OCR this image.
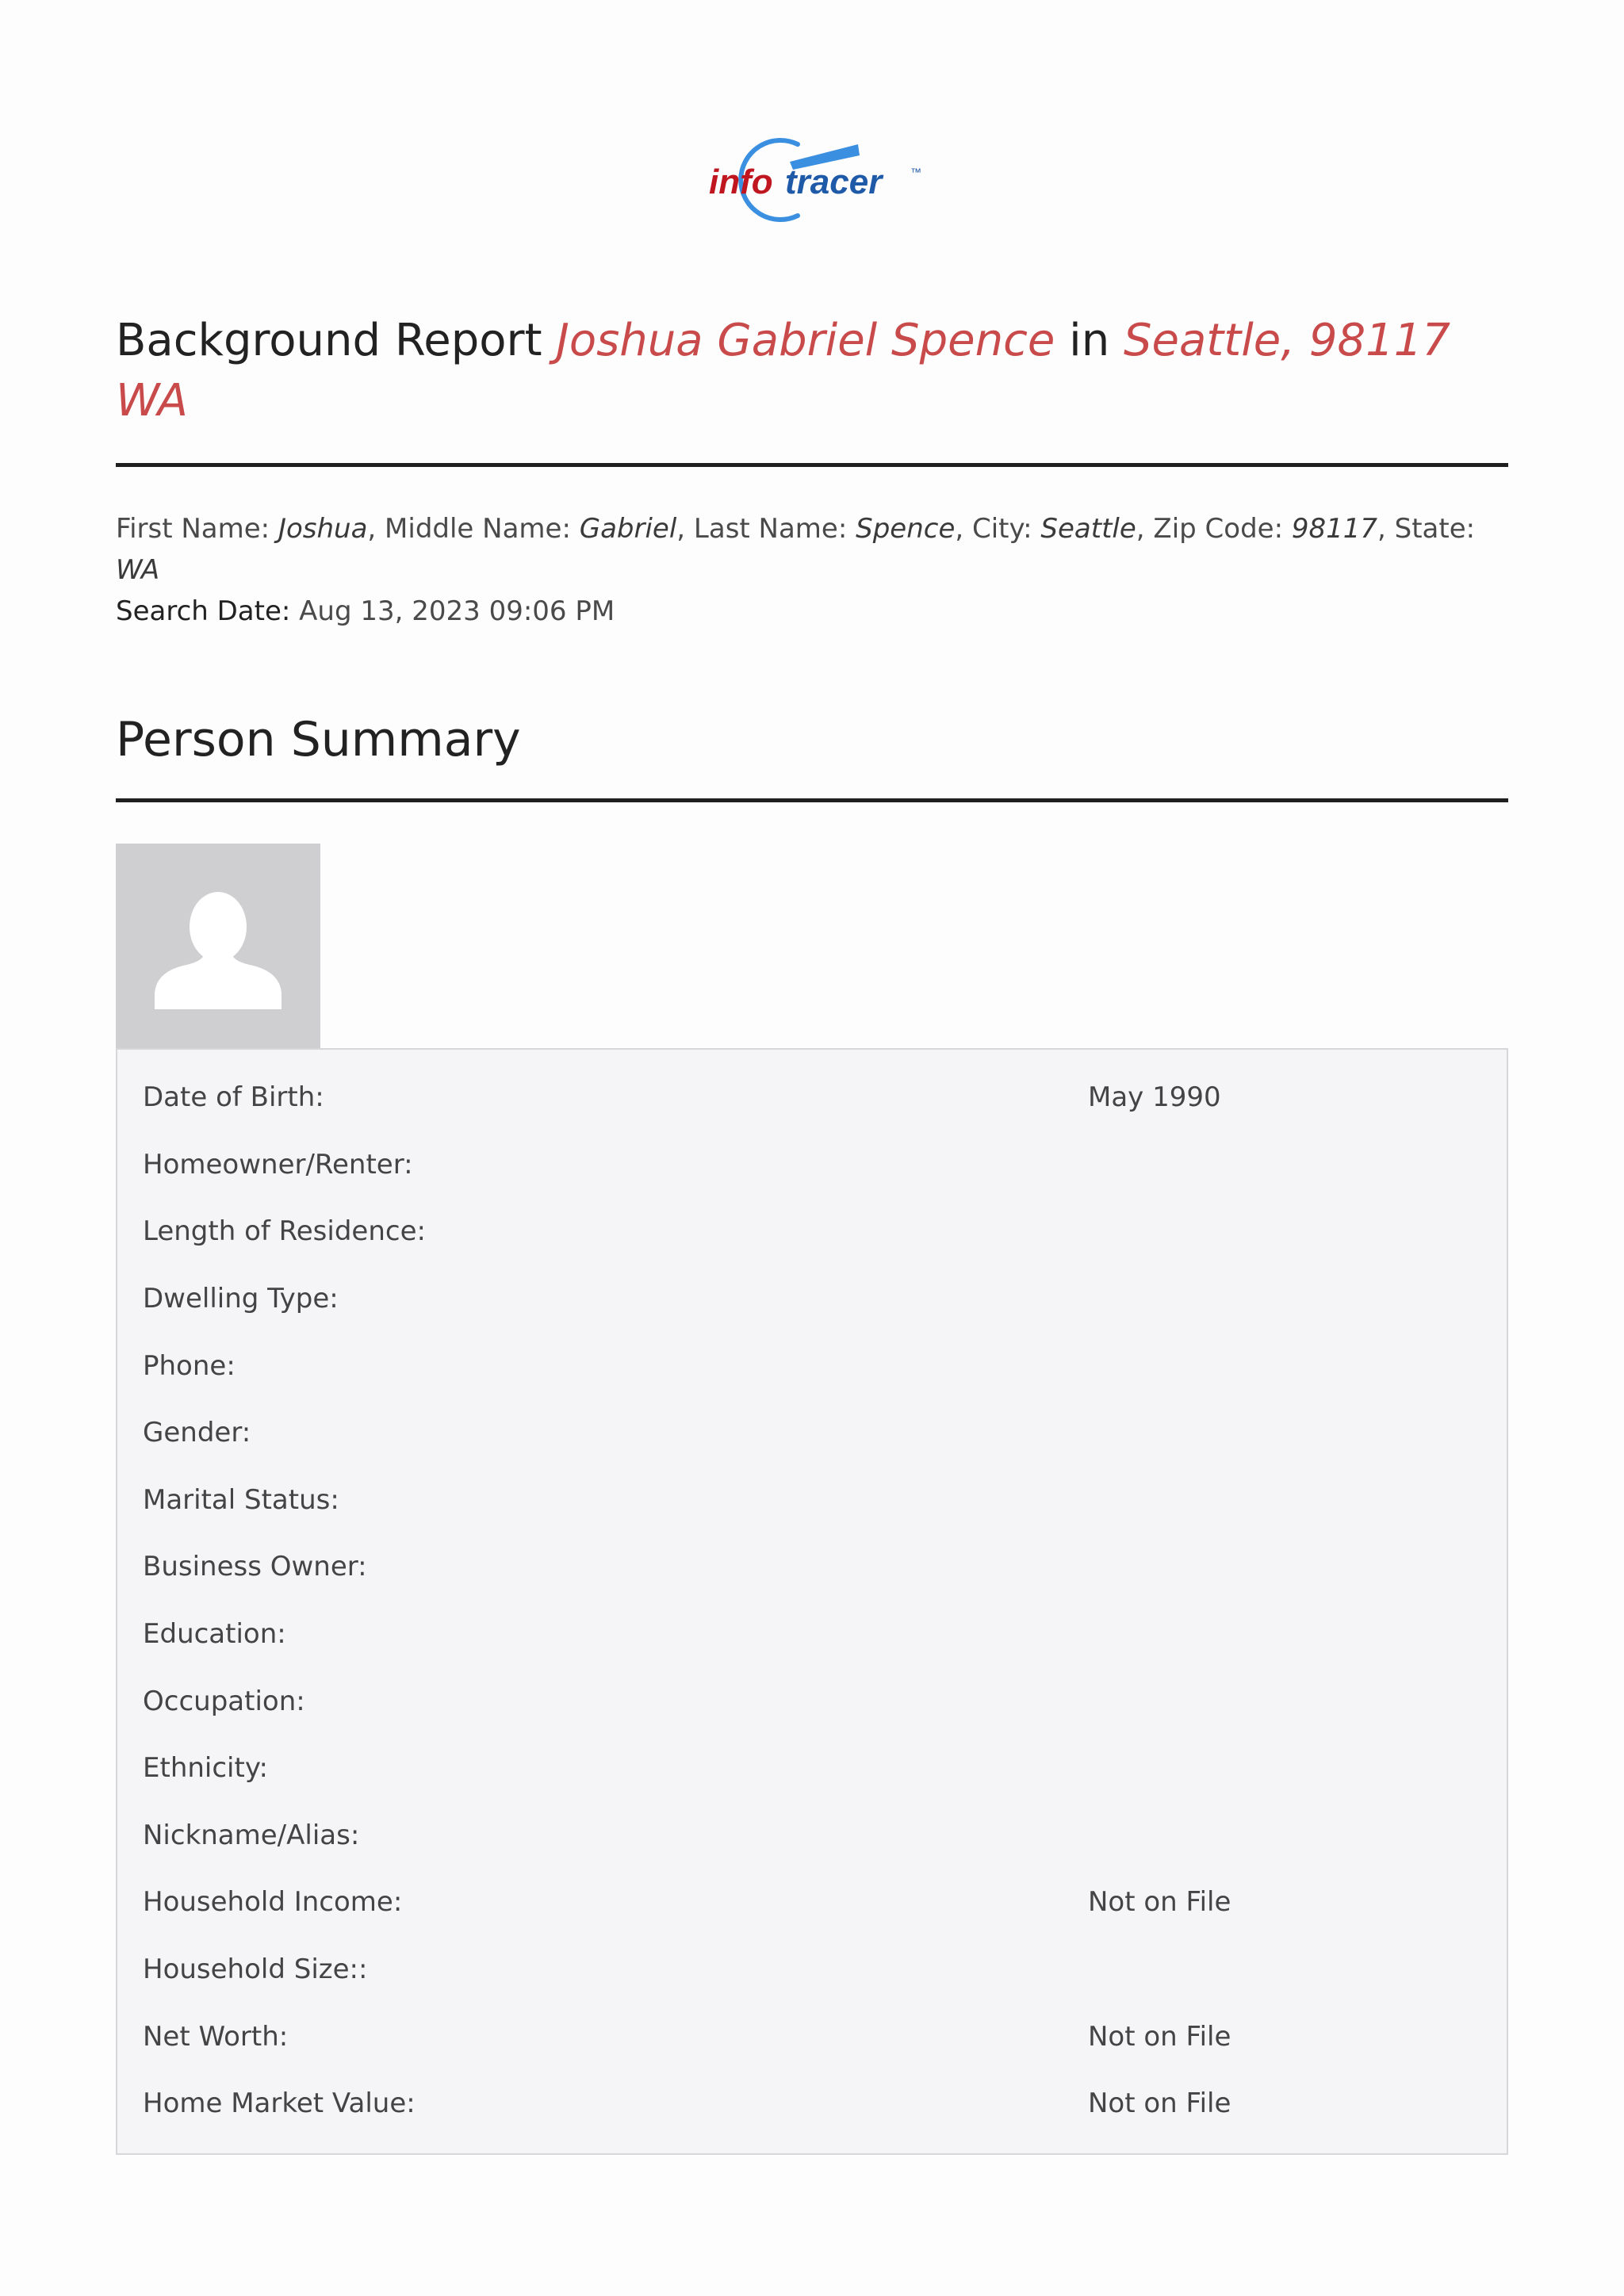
info tracer	™
Background Report Joshua Gabriel Spence in Seattle, 98117
WA
First Name: Joshua, Middle Name: Gabriel, Last Name: Spence, City: Seattle, Zip Code: 98117, State: WA
Search Date: Aug 13, 2023 09:06 PM
Person Summary
Date of Birth:	May 1990
Homeowner/Renter:
Length of Residence:
Dwelling Type:
Phone:
Gender:
Marital Status:
Business Owner:
Education:
Occupation:
Ethnicity:
Nickname/Alias:
Household Income:	Not on File
Household Size::
Net Worth:	Not on File
Home Market Value:	Not on File
